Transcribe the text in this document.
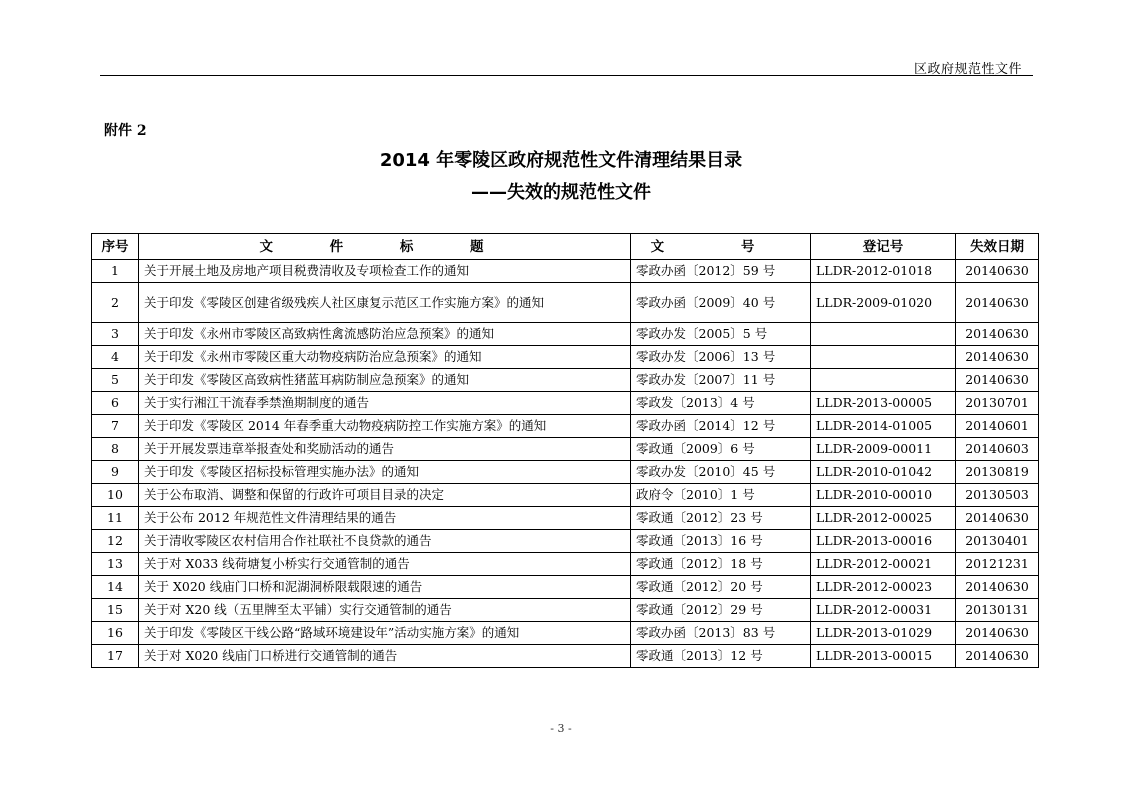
区政府规范性文件
附件 2
2014 年零陵区政府规范性文件清理结果目录
——失效的规范性文件
序号	文 件 标 题	文 号	登记号	失效日期
1	关于开展土地及房地产项目税费清收及专项检查工作的通知	零政办函〔2012〕59 号	LLDR-2012-01018	20140630
2	关于印发《零陵区创建省级残疾人社区康复示范区工作实施方案》的通知	零政办函〔2009〕40 号	LLDR-2009-01020	20140630
3	关于印发《永州市零陵区高致病性禽流感防治应急预案》的通知	零政办发〔2005〕5 号		20140630
4	关于印发《永州市零陵区重大动物疫病防治应急预案》的通知	零政办发〔2006〕13 号		20140630
5	关于印发《零陵区高致病性猪蓝耳病防制应急预案》的通知	零政办发〔2007〕11 号		20140630
6	关于实行湘江干流春季禁渔期制度的通告	零政发〔2013〕4 号	LLDR-2013-00005	20130701
7	关于印发《零陵区 2014 年春季重大动物疫病防控工作实施方案》的通知	零政办函〔2014〕12 号	LLDR-2014-01005	20140601
8	关于开展发票违章举报查处和奖励活动的通告	零政通〔2009〕6 号	LLDR-2009-00011	20140603
9	关于印发《零陵区招标投标管理实施办法》的通知	零政办发〔2010〕45 号	LLDR-2010-01042	20130819
10	关于公布取消、调整和保留的行政许可项目目录的决定	政府令〔2010〕1 号	LLDR-2010-00010	20130503
11	关于公布 2012 年规范性文件清理结果的通告	零政通〔2012〕23 号	LLDR-2012-00025	20140630
12	关于清收零陵区农村信用合作社联社不良贷款的通告	零政通〔2013〕16 号	LLDR-2013-00016	20130401
13	关于对 X033 线荷塘复小桥实行交通管制的通告	零政通〔2012〕18 号	LLDR-2012-00021	20121231
14	关于 X020 线庙门口桥和泥湖洞桥限载限速的通告	零政通〔2012〕20 号	LLDR-2012-00023	20140630
15	关于对 X20 线（五里牌至太平铺）实行交通管制的通告	零政通〔2012〕29 号	LLDR-2012-00031	20130131
16	关于印发《零陵区干线公路“路域环境建设年”活动实施方案》的通知	零政办函〔2013〕83 号	LLDR-2013-01029	20140630
17	关于对 X020 线庙门口桥进行交通管制的通告	零政通〔2013〕12 号	LLDR-2013-00015	20140630
- 3 -
